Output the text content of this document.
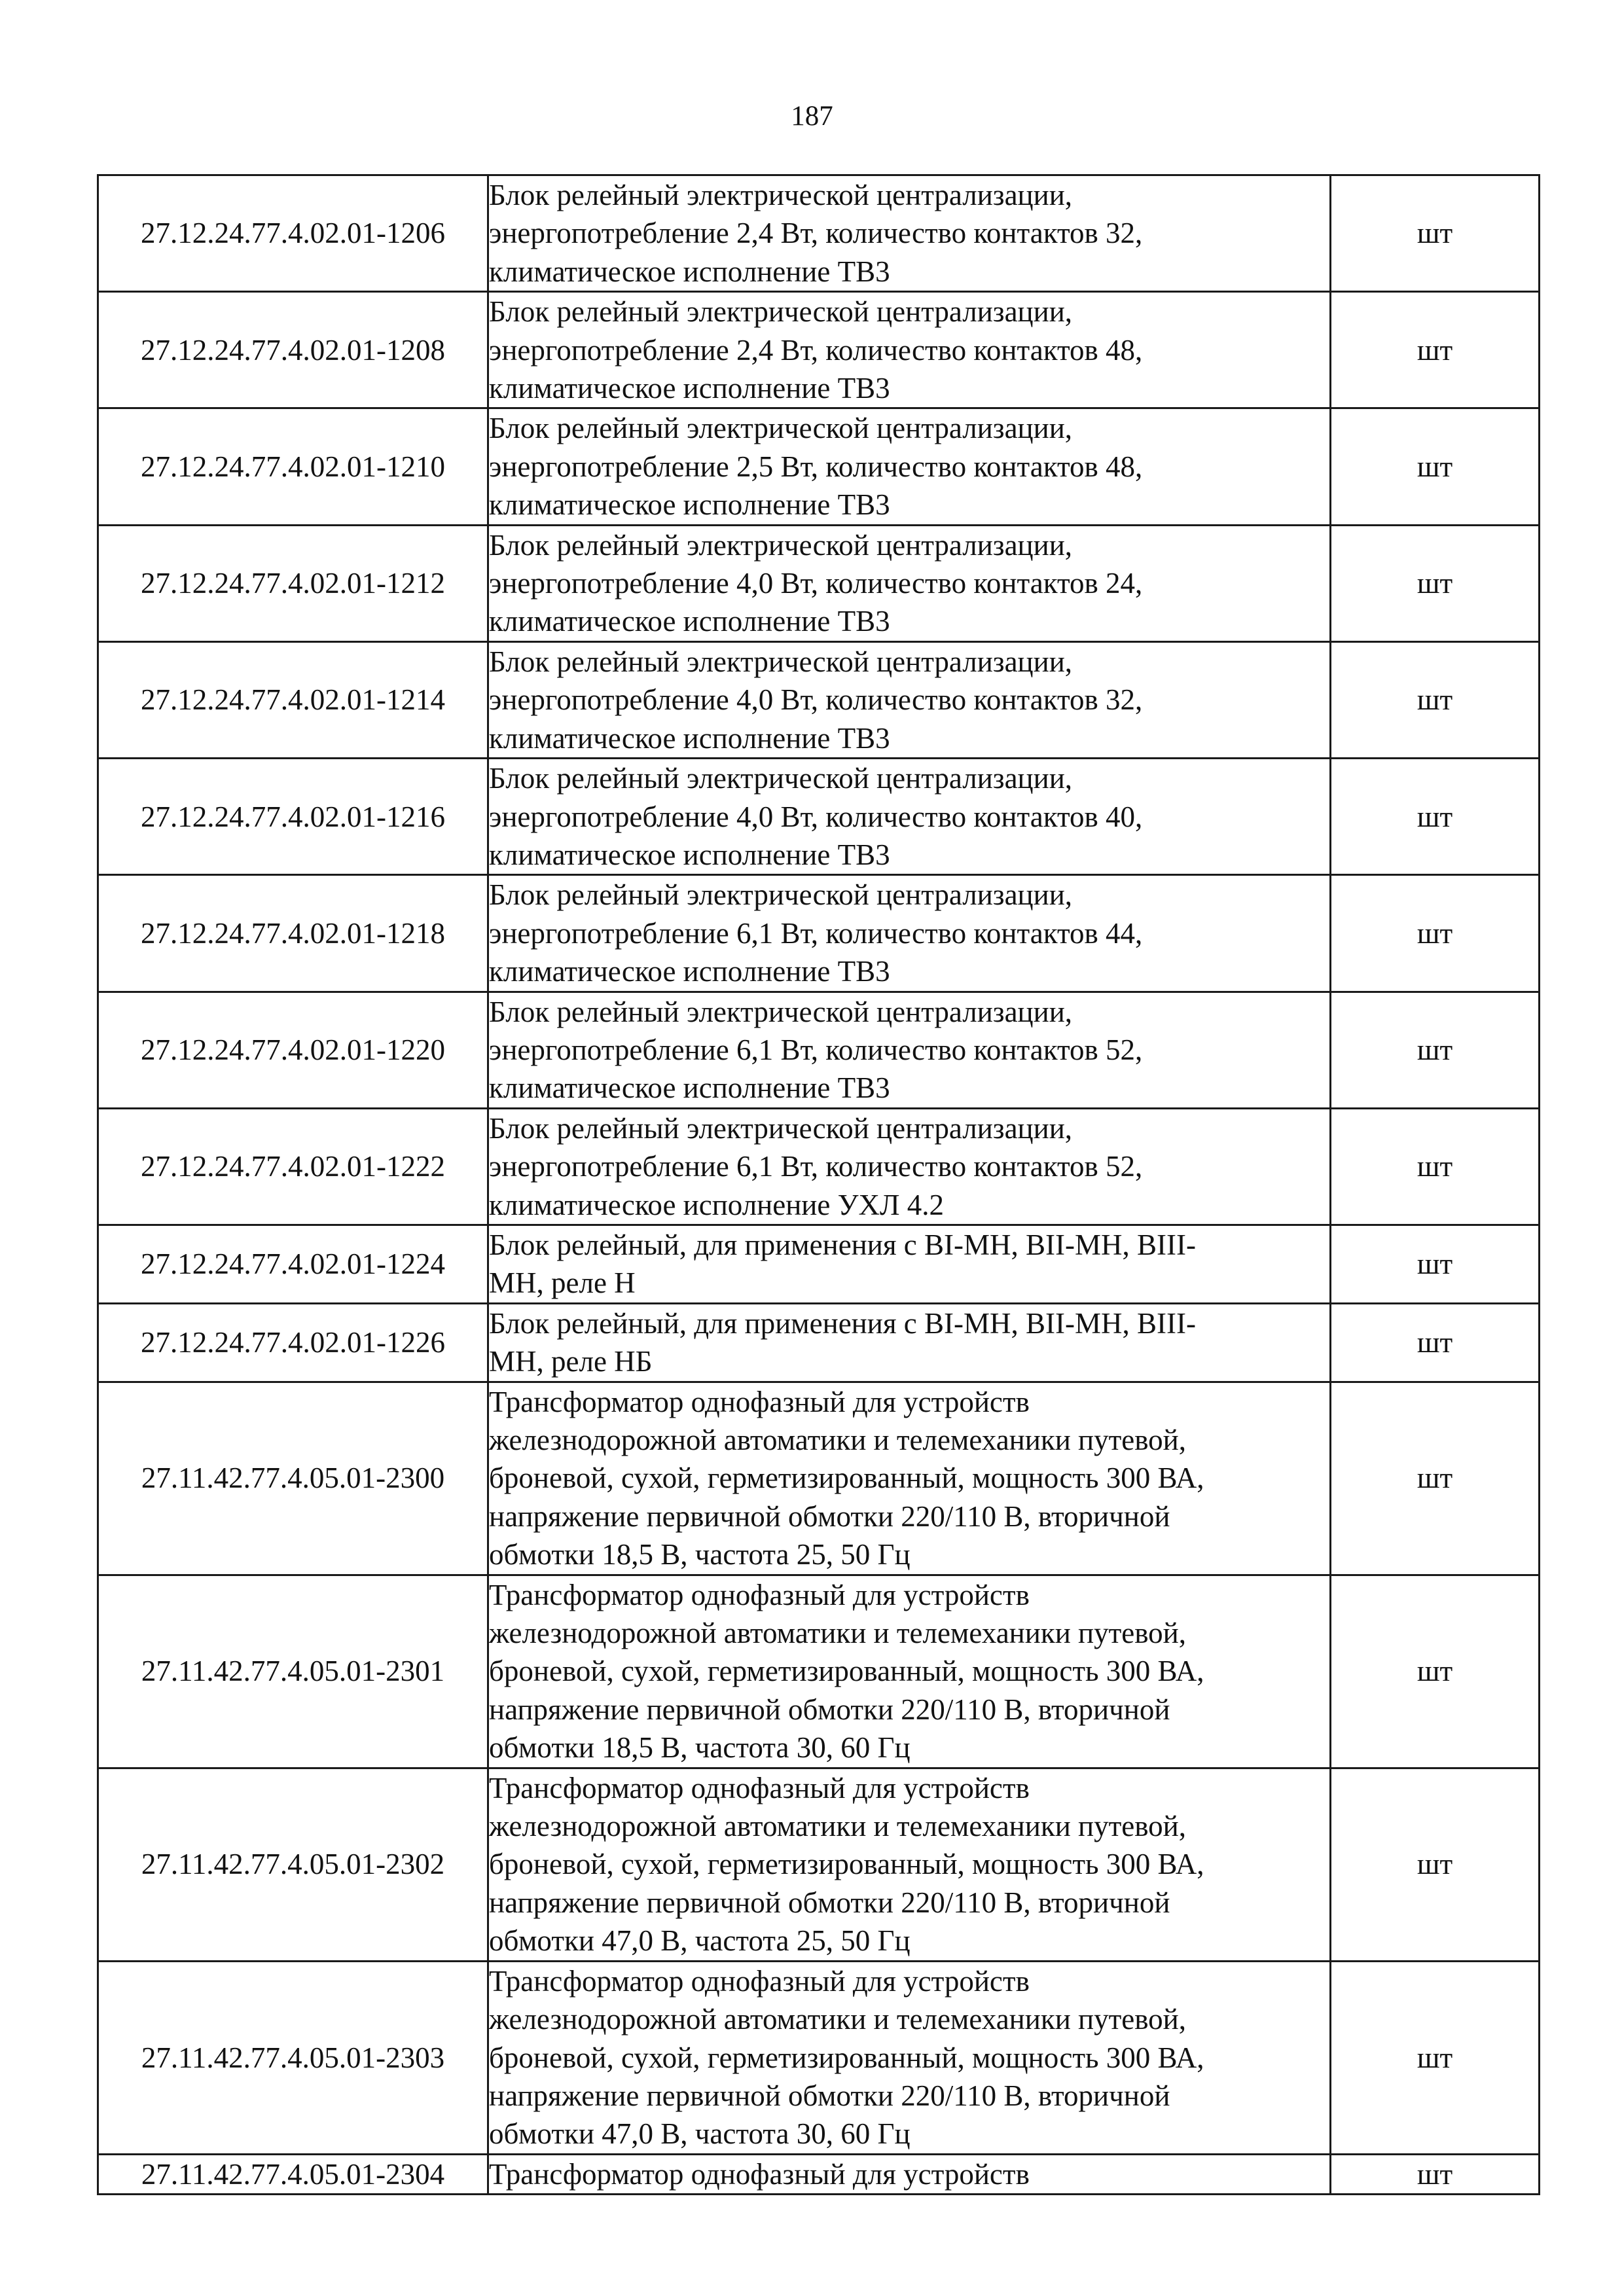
187
27.12.24.77.4.02.01-1206	Блок релейный электрической централизации,
энергопотребление 2,4 Вт, количество контактов 32,
климатическое исполнение ТВ3	шт
27.12.24.77.4.02.01-1208	Блок релейный электрической централизации,
энергопотребление 2,4 Вт, количество контактов 48,
климатическое исполнение ТВ3	шт
27.12.24.77.4.02.01-1210	Блок релейный электрической централизации,
энергопотребление 2,5 Вт, количество контактов 48,
климатическое исполнение ТВ3	шт
27.12.24.77.4.02.01-1212	Блок релейный электрической централизации,
энергопотребление 4,0 Вт, количество контактов 24,
климатическое исполнение ТВ3	шт
27.12.24.77.4.02.01-1214	Блок релейный электрической централизации,
энергопотребление 4,0 Вт, количество контактов 32,
климатическое исполнение ТВ3	шт
27.12.24.77.4.02.01-1216	Блок релейный электрической централизации,
энергопотребление 4,0 Вт, количество контактов 40,
климатическое исполнение ТВ3	шт
27.12.24.77.4.02.01-1218	Блок релейный электрической централизации,
энергопотребление 6,1 Вт, количество контактов 44,
климатическое исполнение ТВ3	шт
27.12.24.77.4.02.01-1220	Блок релейный электрической централизации,
энергопотребление 6,1 Вт, количество контактов 52,
климатическое исполнение ТВ3	шт
27.12.24.77.4.02.01-1222	Блок релейный электрической централизации,
энергопотребление 6,1 Вт, количество контактов 52,
климатическое исполнение УХЛ 4.2	шт
27.12.24.77.4.02.01-1224	Блок релейный, для применения с BI-МН, BII-МН, BIII-
МН, реле Н	шт
27.12.24.77.4.02.01-1226	Блок релейный, для применения с BI-МН, BII-МН, BIII-
МН, реле НБ	шт
27.11.42.77.4.05.01-2300	Трансформатор однофазный для устройств
железнодорожной автоматики и телемеханики путевой,
броневой, сухой, герметизированный, мощность 300 ВА,
напряжение первичной обмотки 220/110 В, вторичной
обмотки 18,5 В, частота 25, 50 Гц	шт
27.11.42.77.4.05.01-2301	Трансформатор однофазный для устройств
железнодорожной автоматики и телемеханики путевой,
броневой, сухой, герметизированный, мощность 300 ВА,
напряжение первичной обмотки 220/110 В, вторичной
обмотки 18,5 В, частота 30, 60 Гц	шт
27.11.42.77.4.05.01-2302	Трансформатор однофазный для устройств
железнодорожной автоматики и телемеханики путевой,
броневой, сухой, герметизированный, мощность 300 ВА,
напряжение первичной обмотки 220/110 В, вторичной
обмотки 47,0 В, частота 25, 50 Гц	шт
27.11.42.77.4.05.01-2303	Трансформатор однофазный для устройств
железнодорожной автоматики и телемеханики путевой,
броневой, сухой, герметизированный, мощность 300 ВА,
напряжение первичной обмотки 220/110 В, вторичной
обмотки 47,0 В, частота 30, 60 Гц	шт
27.11.42.77.4.05.01-2304	Трансформатор однофазный для устройств	шт
